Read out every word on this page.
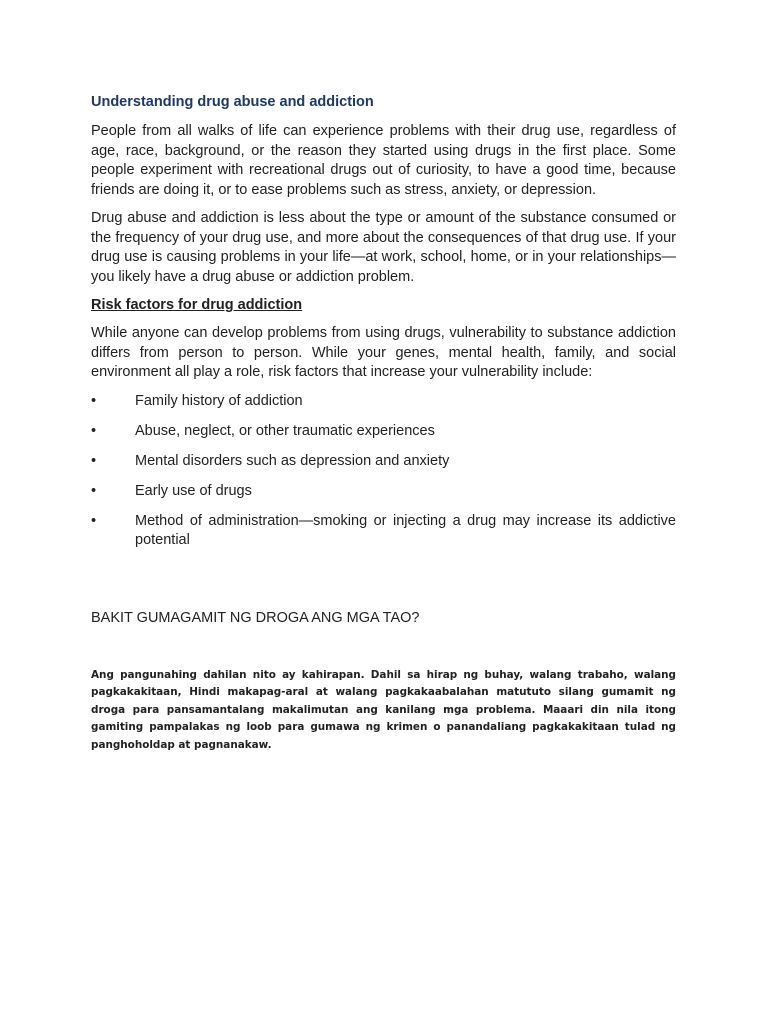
Understanding drug abuse and addiction

People from all walks of life can experience problems with their drug use, regardless of age, race, background, or the reason they started using drugs in the first place. Some people experiment with recreational drugs out of curiosity, to have a good time, because friends are doing it, or to ease problems such as stress, anxiety, or depression.

Drug abuse and addiction is less about the type or amount of the substance consumed or the frequency of your drug use, and more about the consequences of that drug use. If your drug use is causing problems in your life—at work, school, home, or in your relationships—you likely have a drug abuse or addiction problem.

Risk factors for drug addiction

While anyone can develop problems from using drugs, vulnerability to substance addiction differs from person to person. While your genes, mental health, family, and social environment all play a role, risk factors that increase your vulnerability include:

•	Family history of addiction
•	Abuse, neglect, or other traumatic experiences
•	Mental disorders such as depression and anxiety
•	Early use of drugs
•	Method of administration—smoking or injecting a drug may increase its addictive potential
BAKIT GUMAGAMIT NG DROGA ANG MGA TAO?

Ang pangunahing dahilan nito ay kahirapan. Dahil sa hirap ng buhay, walang trabaho, walang pagkakakitaan, Hindi makapag-aral at walang pagkakaabalahan matututo silang gumamit ng droga para pansamantalang makalimutan ang kanilang mga problema. Maaari din nila itong gamiting pampalakas ng loob para gumawa ng krimen o panandaliang pagkakakitaan tulad ng panghoholdap at pagnanakaw.
